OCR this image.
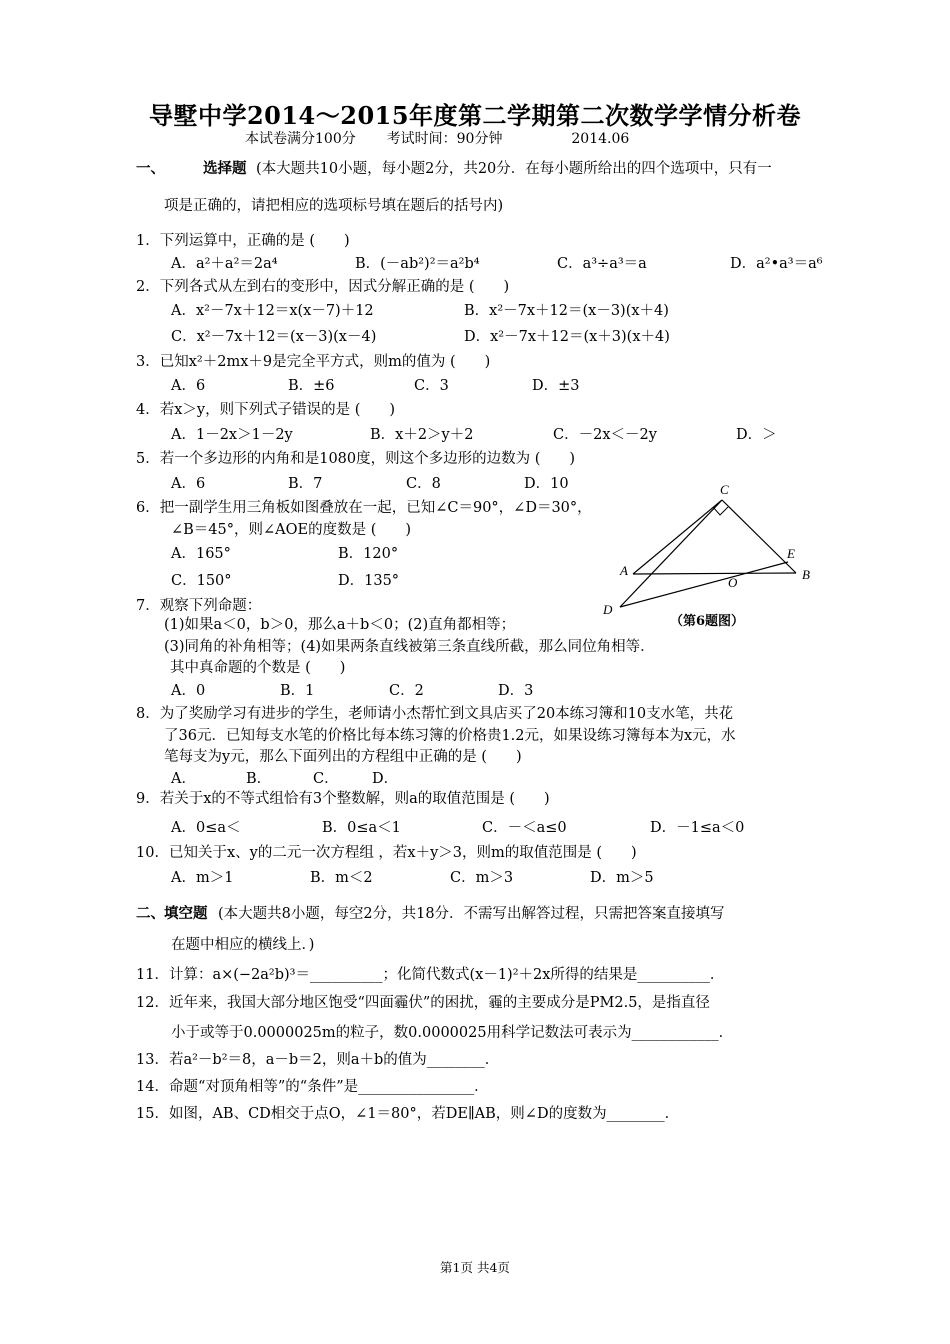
导墅中学2014～2015年度第二学期第二次数学学情分析卷
本试卷满分100分 考试时间：90分钟	2014.06
一、	选择题 (本大题共10小题，每小题2分，共20分．在每小题所给出的四个选项中，只有一
项是正确的，请把相应的选项标号填在题后的括号内)
1．下列运算中，正确的是 (　　)
A．a²＋a²＝2a⁴	B．(－ab²)²＝a²b⁴	C．a³÷a³＝a	D．a²•a³＝a⁶
2．下列各式从左到右的变形中，因式分解正确的是 (　　)
A．x²－7x＋12＝x(x－7)＋12	B．x²－7x＋12＝(x－3)(x＋4)
C．x²－7x＋12＝(x－3)(x－4)	D．x²－7x＋12＝(x＋3)(x＋4)
3．已知x²＋2mx＋9是完全平方式，则m的值为 (　　)
A．6	B．±6	C．3	D．±3
4．若x＞y，则下列式子错误的是 (　　)
A．1－2x＞1－2y	B．x＋2＞y＋2	C．－2x＜－2y	D．＞
5．若一个多边形的内角和是1080度，则这个多边形的边数为 (　　)
A．6	B．7	C．8	D．10
6．把一副学生用三角板如图叠放在一起，已知∠C＝90°，∠D＝30°，
∠B＝45°，则∠AOE的度数是 (　　)
A．165°	B．120°
C．150°	D．135°
C
E
A
O
B
D
（第6题图）
7．观察下列命题：
(1)如果a＜0，b＞0，那么a＋b＜0；(2)直角都相等；
(3)同角的补角相等；(4)如果两条直线被第三条直线所截，那么同位角相等．
其中真命题的个数是 (　　)
A．0	B．1	C．2	D．3
8．为了奖励学习有进步的学生，老师请小杰帮忙到文具店买了20本练习簿和10支水笔，共花
了36元．已知每支水笔的价格比每本练习簿的价格贵1.2元，如果设练习簿每本为x元，水
笔每支为y元，那么下面列出的方程组中正确的是 (　　)
A．	B．	C． D．
9．若关于x的不等式组恰有3个整数解，则a的取值范围是 (　　)
A．0≤a＜	B．0≤a＜1	C．－＜a≤0	D．－1≤a＜0
10．已知关于x、y的二元一次方程组 ，若x＋y＞3，则m的取值范围是 (　　)
A．m＞1	B．m＜2	C．m＞3	D．m＞5
二、 填空题 (本大题共8小题，每空2分，共18分．不需写出解答过程，只需把答案直接填写
在题中相应的横线上．)
11．计算：a×(−2a²b)³＝__________；化简代数式(x－1)²＋2x所得的结果是__________．
12．近年来，我国大部分地区饱受“四面霾伏”的困扰，霾的主要成分是PM2.5，是指直径
小于或等于0.0000025m的粒子，数0.0000025用科学记数法可表示为____________．
13．若a²－b²＝8，a－b＝2，则a＋b的值为________．
14．命题“对顶角相等”的“条件”是________________．
15．如图，AB、CD相交于点O，∠1＝80°，若DE∥AB，则∠D的度数为________．
第1页 共4页
